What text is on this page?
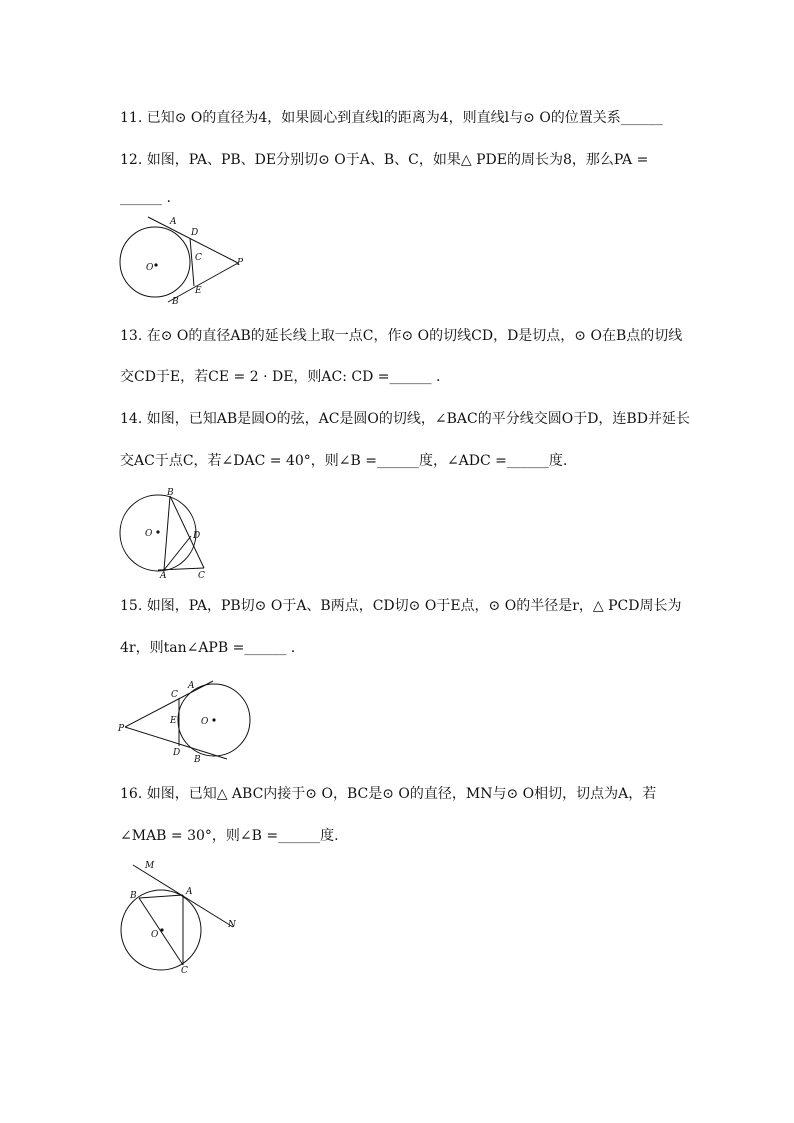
11. 已知⊙ O的直径为4，如果圆心到直线l的距离为4，则直线l与⊙ O的位置关系______
12. 如图，PA、PB、DE分别切⊙ O于A、B、C，如果△ PDE的周长为8，那么PA =
______ .
A
D
C	P
E
B
O
13. 在⊙ O的直径AB的延长线上取一点C，作⊙ O的切线CD，D是切点，⊙ O在B点的切线
交CD于E，若CE = 2 · DE，则AC: CD =______ .
14. 如图，已知AB是圆O的弦，AC是圆O的切线，∠BAC的平分线交圆O于D，连BD并延长
交AC于点C，若∠DAC = 40°，则∠B =______度，∠ADC =______度.
B
O	D
A	C
15. 如图，PA，PB切⊙ O于A、B两点，CD切⊙ O于E点，⊙ O的半径是r，△ PCD周长为
4r，则tan∠APB =______ .
A
C
E	O
P
D
B
16. 如图，已知△ ABC内接于⊙ O，BC是⊙ O的直径，MN与⊙ O相切，切点为A，若
∠MAB = 30°，则∠B =______度.
M
B	A
O
N
C
